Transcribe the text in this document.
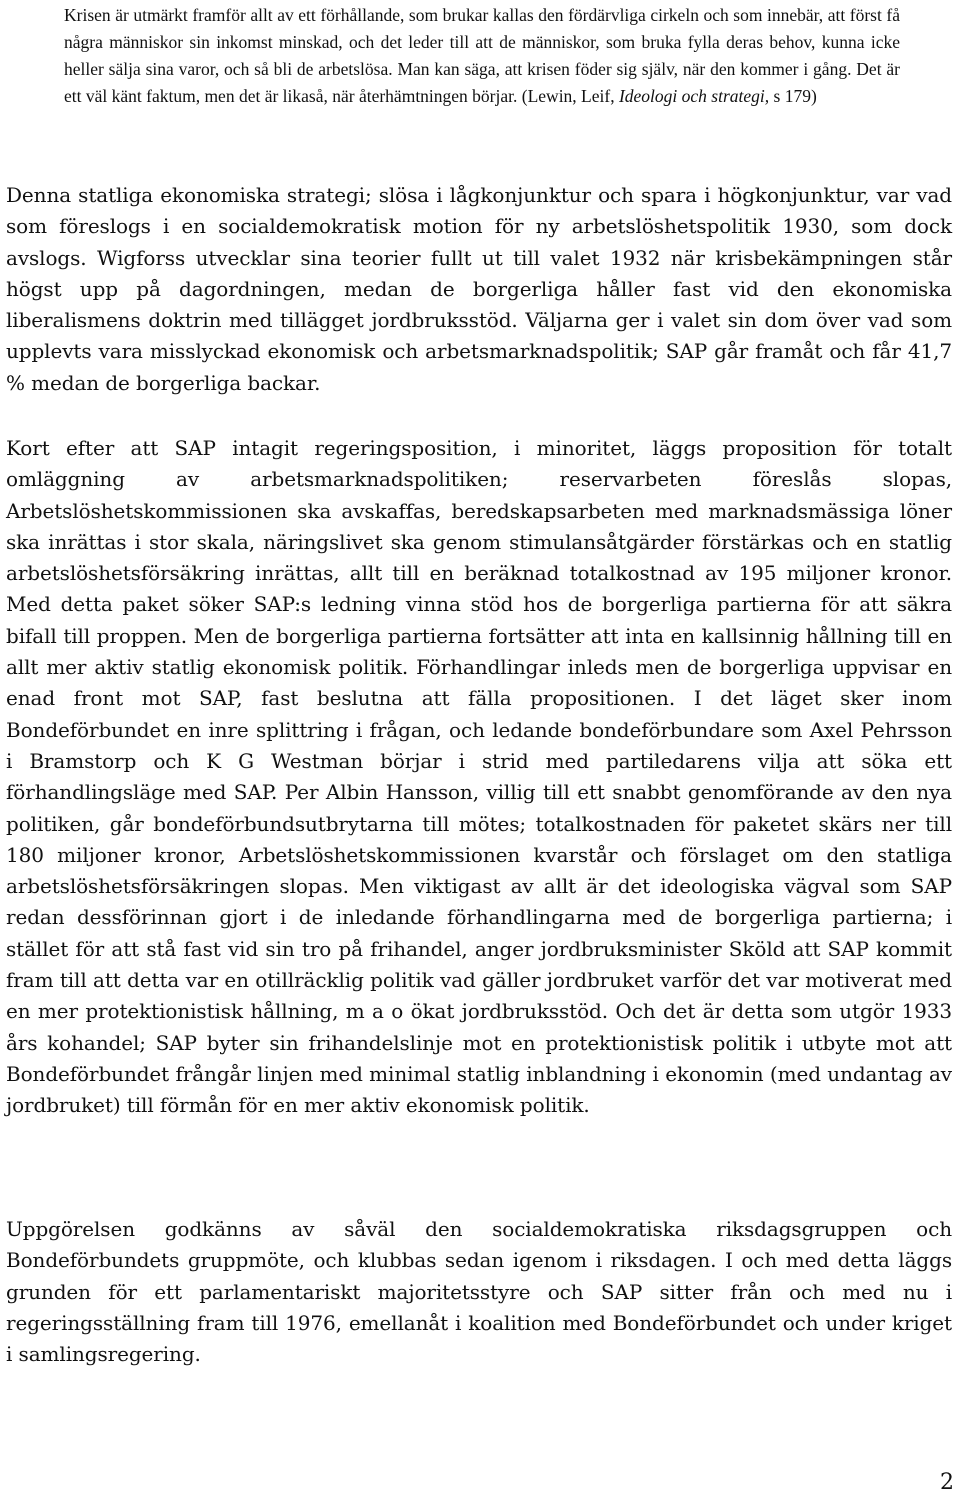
Krisen är utmärkt framför allt av ett förhållande, som brukar kallas den fördärvliga cirkeln och som innebär, att först få några människor sin inkomst minskad, och det leder till att de människor, som bruka fylla deras behov, kunna icke heller sälja sina varor, och så bli de arbetslösa. Man kan säga, att krisen föder sig själv, när den kommer i gång. Det är ett väl känt faktum, men det är likaså, när återhämtningen börjar. (Lewin, Leif, Ideologi och strategi, s 179)

Denna statliga ekonomiska strategi; slösa i lågkonjunktur och spara i högkonjunktur, var vad som föreslogs i en socialdemokratisk motion för ny arbetslöshetspolitik 1930, som dock avslogs. Wigforss utvecklar sina teorier fullt ut till valet 1932 när krisbekämpningen står högst upp på dagordningen, medan de borgerliga håller fast vid den ekonomiska liberalismens doktrin med tillägget jordbruksstöd. Väljarna ger i valet sin dom över vad som upplevts vara misslyckad ekonomisk och arbetsmarknadspolitik; SAP går framåt och får 41,7 % medan de borgerliga backar.

Kort efter att SAP intagit regeringsposition, i minoritet, läggs proposition för totalt omläggning av arbetsmarknadspolitiken; reservarbeten föreslås slopas, Arbetslöshetskommissionen ska avskaffas, beredskapsarbeten med marknadsmässiga löner ska inrättas i stor skala, näringslivet ska genom stimulansåtgärder förstärkas och en statlig arbetslöshetsförsäkring inrättas, allt till en beräknad totalkostnad av 195 miljoner kronor. Med detta paket söker SAP:s ledning vinna stöd hos de borgerliga partierna för att säkra bifall till proppen. Men de borgerliga partierna fortsätter att inta en kallsinnig hållning till en allt mer aktiv statlig ekonomisk politik. Förhandlingar inleds men de borgerliga uppvisar en enad front mot SAP, fast beslutna att fälla propositionen. I det läget sker inom Bondeförbundet en inre splittring i frågan, och ledande bondeförbundare som Axel Pehrsson i Bramstorp och K G Westman börjar i strid med partiledarens vilja att söka ett förhandlingsläge med SAP. Per Albin Hansson, villig till ett snabbt genomförande av den nya politiken, går bondeförbundsutbrytarna till mötes; totalkostnaden för paketet skärs ner till 180 miljoner kronor, Arbetslöshetskommissionen kvarstår och förslaget om den statliga arbetslöshetsförsäkringen slopas. Men viktigast av allt är det ideologiska vägval som SAP redan dessförinnan gjort i de inledande förhandlingarna med de borgerliga partierna; i stället för att stå fast vid sin tro på frihandel, anger jordbruksminister Sköld att SAP kommit fram till att detta var en otillräcklig politik vad gäller jordbruket varför det var motiverat med en mer protektionistisk hållning, m a o ökat jordbruksstöd. Och det är detta som utgör 1933 års kohandel; SAP byter sin frihandelslinje mot en protektionistisk politik i utbyte mot att Bondeförbundet frångår linjen med minimal statlig inblandning i ekonomin (med undantag av jordbruket) till förmån för en mer aktiv ekonomisk politik.

Uppgörelsen godkänns av såväl den socialdemokratiska riksdagsgruppen och Bondeförbundets gruppmöte, och klubbas sedan igenom i riksdagen. I och med detta läggs grunden för ett parlamentariskt majoritetsstyre och SAP sitter från och med nu i regeringsställning fram till 1976, emellanåt i koalition med Bondeförbundet och under kriget i samlingsregering.

2
